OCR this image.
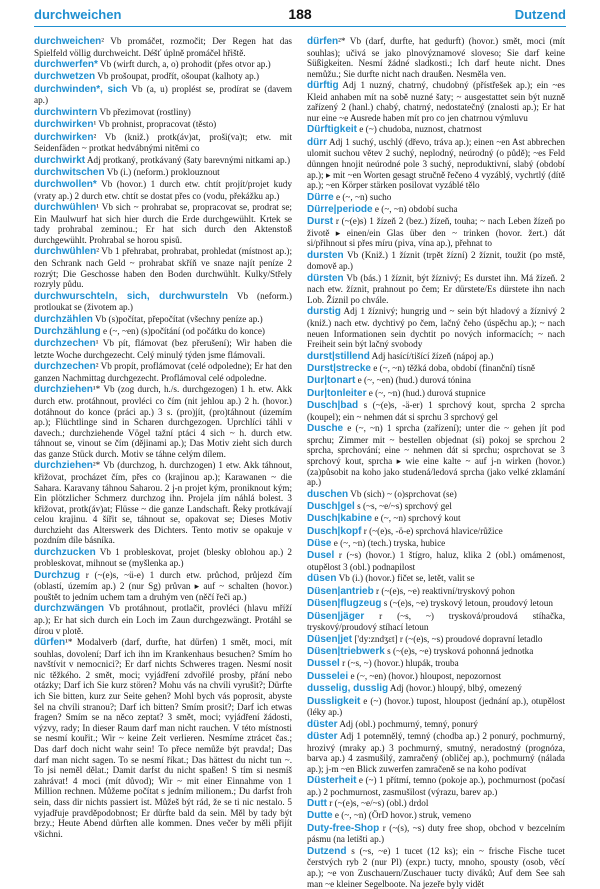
durchweichen	188	Dutzend
durchweichen² Vb promáčet, rozmočit; Der Regen hat das Spielfeld völlig durchweicht. Déšť úplně promáčel hřiště.
durchwerfen* Vb (wirft durch, a, o) prohodit (přes otvor ap.)
durchwetzen Vb prošoupat, prodřít, ošoupat (kalhoty ap.)
durchwinden*, sich Vb (a, u) proplést se, prodírat se (davem ap.)
durchwintern Vb přezimovat (rostliny)
durchwirken¹ Vb prohnist, propracovat (těsto)
durchwirken² Vb (kniž.) protk(áv)at, proši(va)t; etw. mit Seidenfäden ~ protkat hedvábnými nitěmi co
durchwirkt Adj protkaný, protkávaný (šaty barevnými nitkami ap.)
durchwitschen Vb (i.) (neform.) proklouznout
durchwollen* Vb (hovor.) 1 durch etw. chtít projít/projet kudy (vraty ap.) 2 durch etw. chtít se dostat přes co (vodu, překážku ap.)
durchwühlen¹ Vb sich ~ prohrabat se, propracovat se, prodrat se; Ein Maulwurf hat sich hier durch die Erde durchgewühlt. Krtek se tady prohrabal zeminou.; Er hat sich durch den Aktenstoß durchgewühlt. Prohrabal se horou spisů.
durchwühlen² Vb 1 přehrabat, prohrabat, prohledat (místnost ap.); den Schrank nach Geld ~ prohrabat skříň ve snaze najít peníze 2 rozrýt; Die Geschosse haben den Boden durchwühlt. Kulky/Střely rozryly půdu.
durchwurschteln, sich, durchwursteln Vb (neform.) protloukat se (životem ap.)
durchzählen Vb (s)počítat, přepočítat (všechny peníze ap.)
Durchzählung e (~, ~en) (s)počítání (od počátku do konce)
durchzechen¹ Vb pít, flámovat (bez přerušení); Wir haben die letzte Woche durchgezecht. Celý minulý týden jsme flámovali.
durchzechen² Vb propít, proflámovat (celé odpoledne); Er hat den ganzen Nachmittag durchgezecht. Proflámoval celé odpoledne.
durchziehen¹* Vb (zog durch, h./s. durchgezogen) 1 h. etw. Akk durch etw. protáhnout, provléci co čím (nit jehlou ap.) 2 h. (hovor.) dotáhnout do konce (práci ap.) 3 s. (pro)jít, (pro)táhnout (územím ap.); Flüchtlinge sind in Scharen durchgezogen. Uprchlíci táhli v davech.; durchziehende Vögel tažní ptáci 4 sich ~ h. durch etw. táhnout se, vinout se čím (dějinami ap.); Das Motiv zieht sich durch das ganze Stück durch. Motiv se táhne celým dílem.
durchziehen²* Vb (durchzog, h. durchzogen) 1 etw. Akk táhnout, křižovat, procházet čím, přes co (krajinou ap.); Karawanen ~ die Sahara. Karavany táhnou Saharou. 2 j-n projet kým, proniknout kým; Ein plötzlicher Schmerz durchzog ihn. Projela jím náhlá bolest. 3 křižovat, protk(áv)at; Flüsse ~ die ganze Landschaft. Řeky protkávají celou krajinu. 4 šířit se, táhnout se, opakovat se; Dieses Motiv durchzieht das Alterswerk des Dichters. Tento motiv se opakuje v pozdním díle básníka.
durchzucken Vb 1 probleskovat, projet (blesky oblohou ap.) 2 probleskovat, mihnout se (myšlenka ap.)
Durchzug r (~(e)s, ~ü-e) 1 durch etw. průchod, průjezd čím (oblastí, územím ap.) 2 (nur Sg) průvan ▸ auf ~ schalten (hovor.) pouštět to jedním uchem tam a druhým ven (něčí řeči ap.)
durchzwängen Vb protáhnout, protlačit, provléci (hlavu mříží ap.); Er hat sich durch ein Loch im Zaun durchgezwängt. Protáhl se dírou v plotě.
dürfen¹* Modalverb (darf, durfte, hat dürfen) 1 smět, moci, mít souhlas, dovolení; Darf ich ihn im Krankenhaus besuchen? Smím ho navštívit v nemocnici?; Er darf nichts Schweres tragen. Nesmí nosit nic těžkého. 2 smět, moci; vyjádření zdvořilé prosby, přání nebo otázky; Darf ich Sie kurz stören? Mohu vás na chvíli vyrušit?; Dürfte ich Sie bitten, kurz zur Seite gehen? Mohl bych vás poprosit, abyste šel na chvíli stranou?; Darf ich bitten? Smím prosit?; Darf ich etwas fragen? Smím se na něco zeptat? 3 smět, moci; vyjádření žádosti, výzvy, rady; In dieser Raum darf man nicht rauchen. V této místnosti se nesmí kouřit.; Wir ~ keine Zeit verlieren. Nesmíme ztrácet čas.; Das darf doch nicht wahr sein! To přece nemůže být pravda!; Das darf man nicht sagen. To se nesmí říkat.; Das hättest du nicht tun ~. To jsi neměl dělat.; Damit darfst du nicht spaßen! S tím si nesmíš zahrávat! 4 moci (mít důvod); Wir ~ mit einer Einnahme von 1 Million rechnen. Můžeme počítat s jedním milionem.; Du darfst froh sein, dass dir nichts passiert ist. Můžeš být rád, že se ti nic nestalo. 5 vyjadřuje pravděpodobnost; Er dürfte bald da sein. Měl by tady být brzy.; Heute Abend dürften alle kommen. Dnes večer by měli přijít všichni.
dürfen²* Vb (darf, durfte, hat gedurft) (hovor.) smět, moci (mít souhlas); učivá se jako plnovýznamové sloveso; Sie darf keine Süßigkeiten. Nesmí žádné sladkosti.; Ich darf heute nicht. Dnes nemůžu.; Sie durfte nicht nach draußen. Nesměla ven.
dürftig Adj 1 nuzný, chatrný, chudobný (přístřešek ap.); ein ~es Kleid anhaben mít na sobě nuzné šaty; ~ ausgestattet sein být nuzně zařízený 2 (hanl.) chabý, chatrný, nedostatečný (znalosti ap.); Er hat nur eine ~e Ausrede haben mít pro co jen chatrnou výmluvu
Dürftigkeit e (~) chudoba, nuznost, chatrnost
dürr Adj 1 suchý, uschlý (dřevo, tráva ap.); einen ~en Ast abbrechen ulomit suchou větev 2 suchý, neplodný, neúrodný (o půdě); ~es Feld dünngen hnojit neúrodné pole 3 suchý, neproduktivní, slabý (období ap.); ▸ mit ~en Worten gesagt stručně řečeno 4 vyzáblý, vychrtlý (dítě ap.); ~en Körper stärken posilovat vyzáblé tělo
Dürre e (~, ~n) sucho
Dürre|periode e (~, ~n) období sucha
Durst r (~(e)s) 1 žízeň 2 (bez.) žízeň, touha; ~ nach Leben žízeň po životě ▸ einen/ein Glas über den ~ trinken (hovor. žert.) dát si/přihnout si přes míru (piva, vína ap.), přehnat to
dursten Vb (Kniž.) 1 žíznit (trpět žízní) 2 žíznit, toužit (po mstě, domově ap.)
dürsten Vb (bás.) 1 žíznit, být žíznivý; Es durstet ihn. Má žízeň. 2 nach etw. žíznit, prahnout po čem; Er dürstete/Es dürstete ihn nach Lob. Žíznil po chvále.
durstig Adj 1 žíznivý; hungrig und ~ sein být hladový a žíznivý 2 (kniž.) nach etw. dychtivý po čem, lačný čeho (úspěchu ap.); ~ nach neuen Informationen sein dychtit po nových informacích; ~ nach Freiheit sein být lačný svobody
durst|stillend Adj hasící/tišící žízeň (nápoj ap.)
Durst|strecke e (~, ~n) těžká doba, období (finanční) tísně
Dur|tonart e (~, ~en) (hud.) durová tónina
Dur|tonleiter e (~, ~n) (hud.) durová stupnice
Dusch|bad s (~(e)s, -ä-er) 1 sprchový kout, sprcha 2 sprcha (koupel); ein ~ nehmen dát si sprchu 3 sprchový gel
Dusche e (~, ~n) 1 sprcha (zařízení); unter die ~ gehen jít pod sprchu; Zimmer mit ~ bestellen objednat (si) pokoj se sprchou 2 sprcha, sprchování; eine ~ nehmen dát si sprchu; osprchovat se 3 sprchový kout, sprcha ▸ wie eine kalte ~ auf j-n wirken (hovor.) (za)působit na koho jako studená/ledová sprcha (jako velké zklamání ap.)
duschen Vb (sich) ~ (o)sprchovat (se)
Dusch|gel s (~s, ~e/~s) sprchový gel
Dusch|kabine e (~, ~n) sprchový kout
Dusch|kopf r (~(e)s, -ö-e) sprchová hlavice/růžice
Düse e (~, ~n) (tech.) tryska, hubice
Dusel r (~s) (hovor.) 1 štígro, haluz, klika 2 (obl.) omámenost, otupělost 3 (obl.) podnapilost
düsen Vb (i.) (hovor.) fičet se, letět, valit se
Düsen|antrieb r (~(e)s, ~e) reaktivní/tryskový pohon
Düsen|flugzeug s (~(e)s, ~e) tryskový letoun, proudový letoun
Düsen|jäger r (~s, ~) trysková/proudová stíhačka, tryskový/proudový stíhací letoun
Düsen|jet ['dy:zndʒɛt] r (~(e)s, ~s) proudové dopravní letadlo
Düsen|triebwerk s (~(e)s, ~e) trysková pohonná jednotka
Dussel r (~s, ~) (hovor.) hlupák, trouba
Dusselei e (~, ~en) (hovor.) hloupost, nepozornost
dusselig, dusslig Adj (hovor.) hloupý, blbý, omezený
Dussligkeit e (~) (hovor.) tupost, hloupost (jednání ap.), otupělost (léky ap.)
düster Adj (obl.) pochmurný, temný, ponurý
düster Adj 1 potemnělý, temný (chodba ap.) 2 ponurý, pochmurný, hrozivý (mraky ap.) 3 pochmurný, smutný, neradostný (prognóza, barva ap.) 4 zasmušilý, zamračený (obličej ap.), pochmurný (nálada ap.); j-m ~en Blick zuwerfen zamračeně se na koho podívat
Düsterheit e (~) 1 přítmí, temno (pokoje ap.), pochmurnost (počasí ap.) 2 pochmurnost, zasmušilost (výrazu, barev ap.)
Dutt r (~(e)s, ~e/~s) (obl.) drdol
Dutte e (~, ~n) (ÖrD hovor.) struk, vemeno
Duty-free-Shop r (~(s), ~s) duty free shop, obchod v bezcelním pásmu (na letišti ap.)
Dutzend s (~s, ~e) 1 tucet (12 ks); ein ~ frische Fische tucet čerstvých ryb 2 (nur Pl) (expr.) tucty, mnoho, spousty (osob, věcí ap.); ~e von Zuschauern/Zuschauer tucty diváků; Auf dem See sah man ~e kleiner Segelboote. Na jezeře byly vidět
